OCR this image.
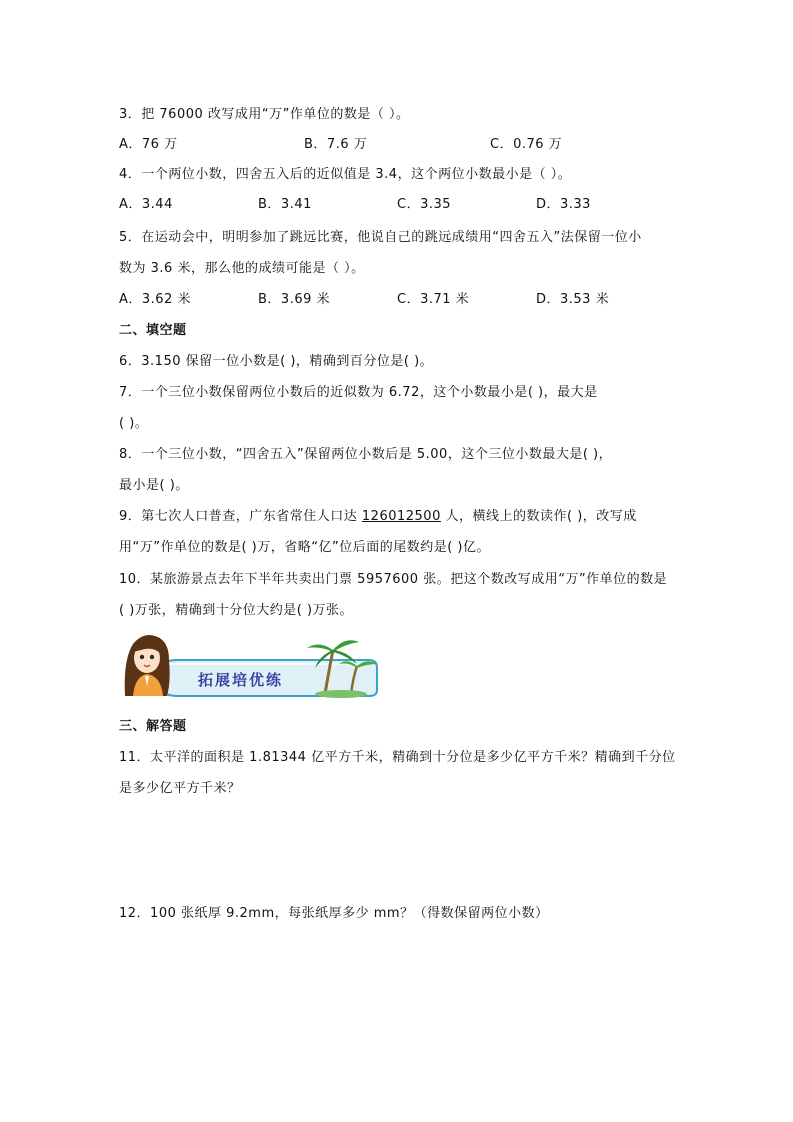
3．把 76000 改写成用“万”作单位的数是（ ）。
A．76 万	B．7.6 万	C．0.76 万
4．一个两位小数，四舍五入后的近似值是 3.4，这个两位小数最小是（ ）。
A．3.44	B．3.41	C．3.35	D．3.33
5．在运动会中，明明参加了跳远比赛，他说自己的跳远成绩用“四舍五入”法保留一位小
数为 3.6 米，那么他的成绩可能是（ ）。
A．3.62 米	B．3.69 米	C．3.71 米	D．3.53 米
二、填空题
6．3.150 保留一位小数是( )，精确到百分位是( )。
7．一个三位小数保留两位小数后的近似数为 6.72，这个小数最小是( )，最大是
( )。
8．一个三位小数，“四舍五入”保留两位小数后是 5.00，这个三位小数最大是( )，
最小是( )。
9．第七次人口普查，广东省常住人口达 126012500 人，横线上的数读作( )，改写成
用“万”作单位的数是( )万，省略“亿”位后面的尾数约是( )亿。
10．某旅游景点去年下半年共卖出门票 5957600 张。把这个数改写成用“万”作单位的数是
( )万张，精确到十分位大约是( )万张。
拓展培优练
三、解答题
11．太平洋的面积是 1.81344 亿平方千米，精确到十分位是多少亿平方千米？精确到千分位
是多少亿平方千米？
12．100 张纸厚 9.2mm，每张纸厚多少 mm？（得数保留两位小数）
